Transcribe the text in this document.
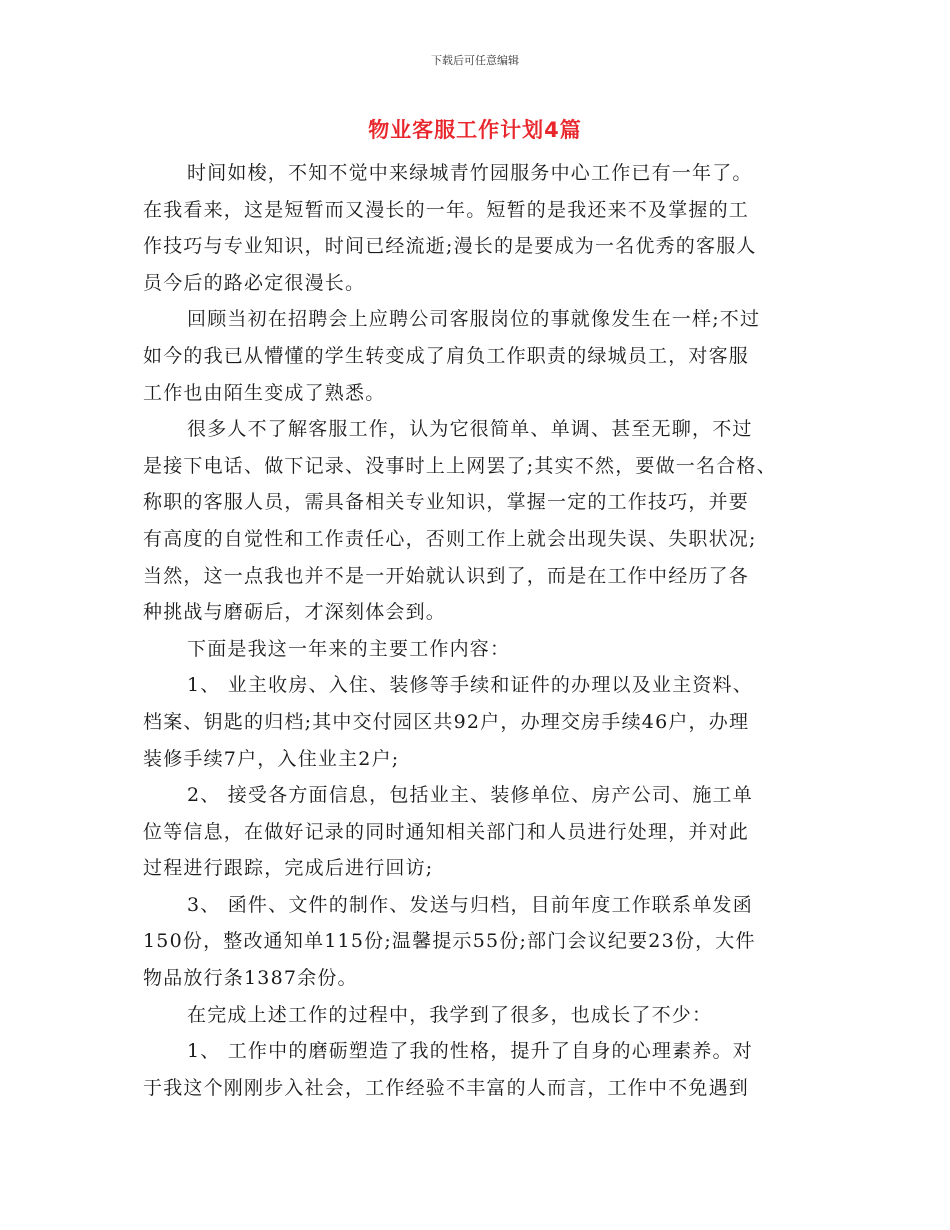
下载后可任意编辑
物业客服工作计划4篇
时间如梭，不知不觉中来绿城青竹园服务中心工作已有一年了。
在我看来，这是短暂而又漫长的一年。短暂的是我还来不及掌握的工
作技巧与专业知识，时间已经流逝;漫长的是要成为一名优秀的客服人
员今后的路必定很漫长。
回顾当初在招聘会上应聘公司客服岗位的事就像发生在一样;不过
如今的我已从懵懂的学生转变成了肩负工作职责的绿城员工，对客服
工作也由陌生变成了熟悉。
很多人不了解客服工作，认为它很简单、单调、甚至无聊，不过
是接下电话、做下记录、没事时上上网罢了;其实不然，要做一名合格、
称职的客服人员，需具备相关专业知识，掌握一定的工作技巧，并要
有高度的自觉性和工作责任心，否则工作上就会出现失误、失职状况;
当然，这一点我也并不是一开始就认识到了，而是在工作中经历了各
种挑战与磨砺后，才深刻体会到。
下面是我这一年来的主要工作内容：
1、 业主收房、入住、装修等手续和证件的办理以及业主资料、
档案、钥匙的归档;其中交付园区共92户，办理交房手续46户，办理
装修手续7户，入住业主2户;
2、 接受各方面信息，包括业主、装修单位、房产公司、施工单
位等信息，在做好记录的同时通知相关部门和人员进行处理，并对此
过程进行跟踪，完成后进行回访;
3、 函件、文件的制作、发送与归档，目前年度工作联系单发函
150份，整改通知单115份;温馨提示55份;部门会议纪要23份，大件
物品放行条1387余份。
在完成上述工作的过程中，我学到了很多，也成长了不少：
1、 工作中的磨砺塑造了我的性格，提升了自身的心理素养。对
于我这个刚刚步入社会，工作经验不丰富的人而言，工作中不免遇到
